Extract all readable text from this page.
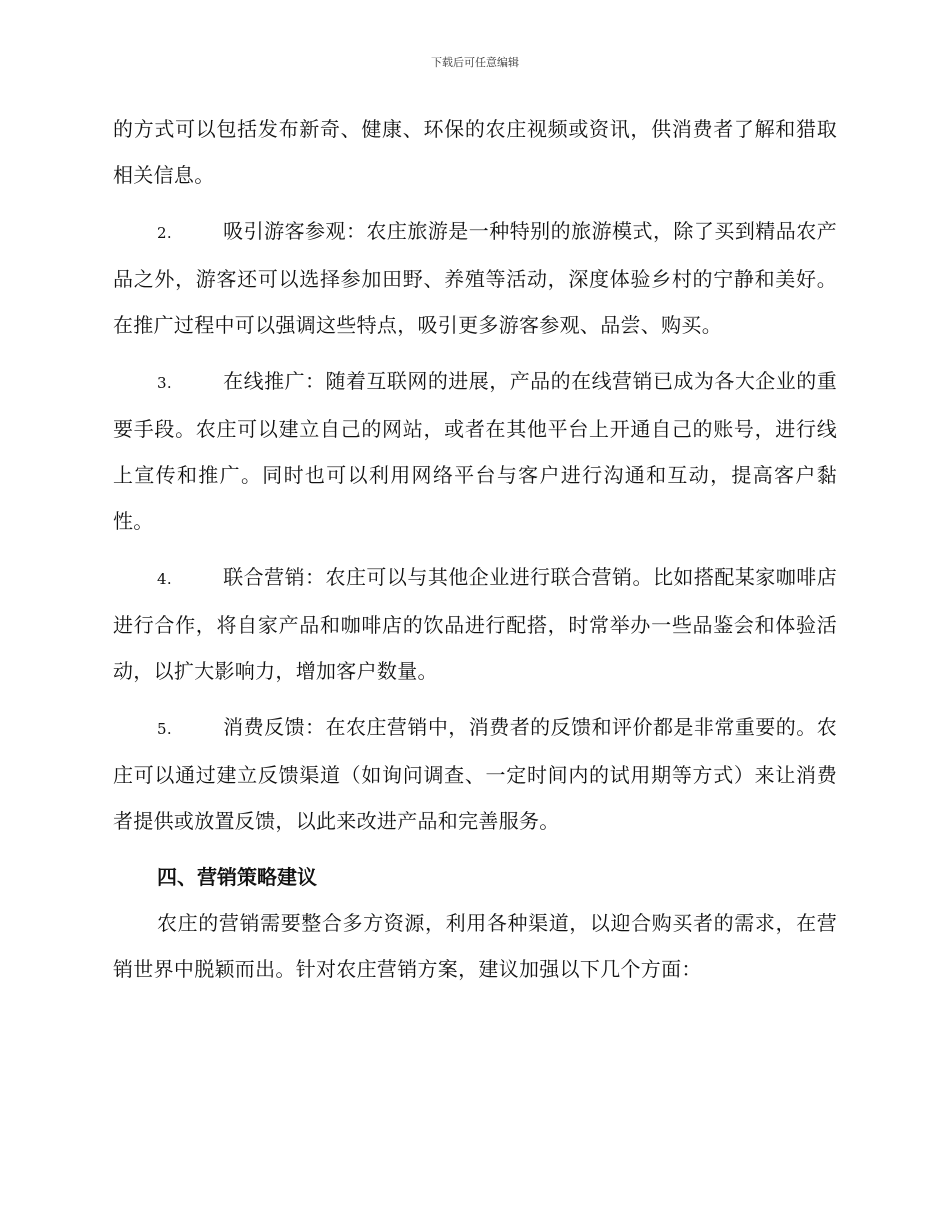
下载后可任意编辑

的方式可以包括发布新奇、健康、环保的农庄视频或资讯，供消费者了解和猎取相关信息。

2.	吸引游客参观：农庄旅游是一种特别的旅游模式，除了买到精品农产品之外，游客还可以选择参加田野、养殖等活动，深度体验乡村的宁静和美好。在推广过程中可以强调这些特点，吸引更多游客参观、品尝、购买。

3.	在线推广：随着互联网的进展，产品的在线营销已成为各大企业的重要手段。农庄可以建立自己的网站，或者在其他平台上开通自己的账号，进行线上宣传和推广。同时也可以利用网络平台与客户进行沟通和互动，提高客户黏性。

4.	联合营销：农庄可以与其他企业进行联合营销。比如搭配某家咖啡店进行合作，将自家产品和咖啡店的饮品进行配搭，时常举办一些品鉴会和体验活动，以扩大影响力，增加客户数量。

5.	消费反馈：在农庄营销中，消费者的反馈和评价都是非常重要的。农庄可以通过建立反馈渠道（如询问调查、一定时间内的试用期等方式）来让消费者提供或放置反馈，以此来改进产品和完善服务。

四、营销策略建议

农庄的营销需要整合多方资源，利用各种渠道，以迎合购买者的需求，在营销世界中脱颖而出。针对农庄营销方案，建议加强以下几个方面：
